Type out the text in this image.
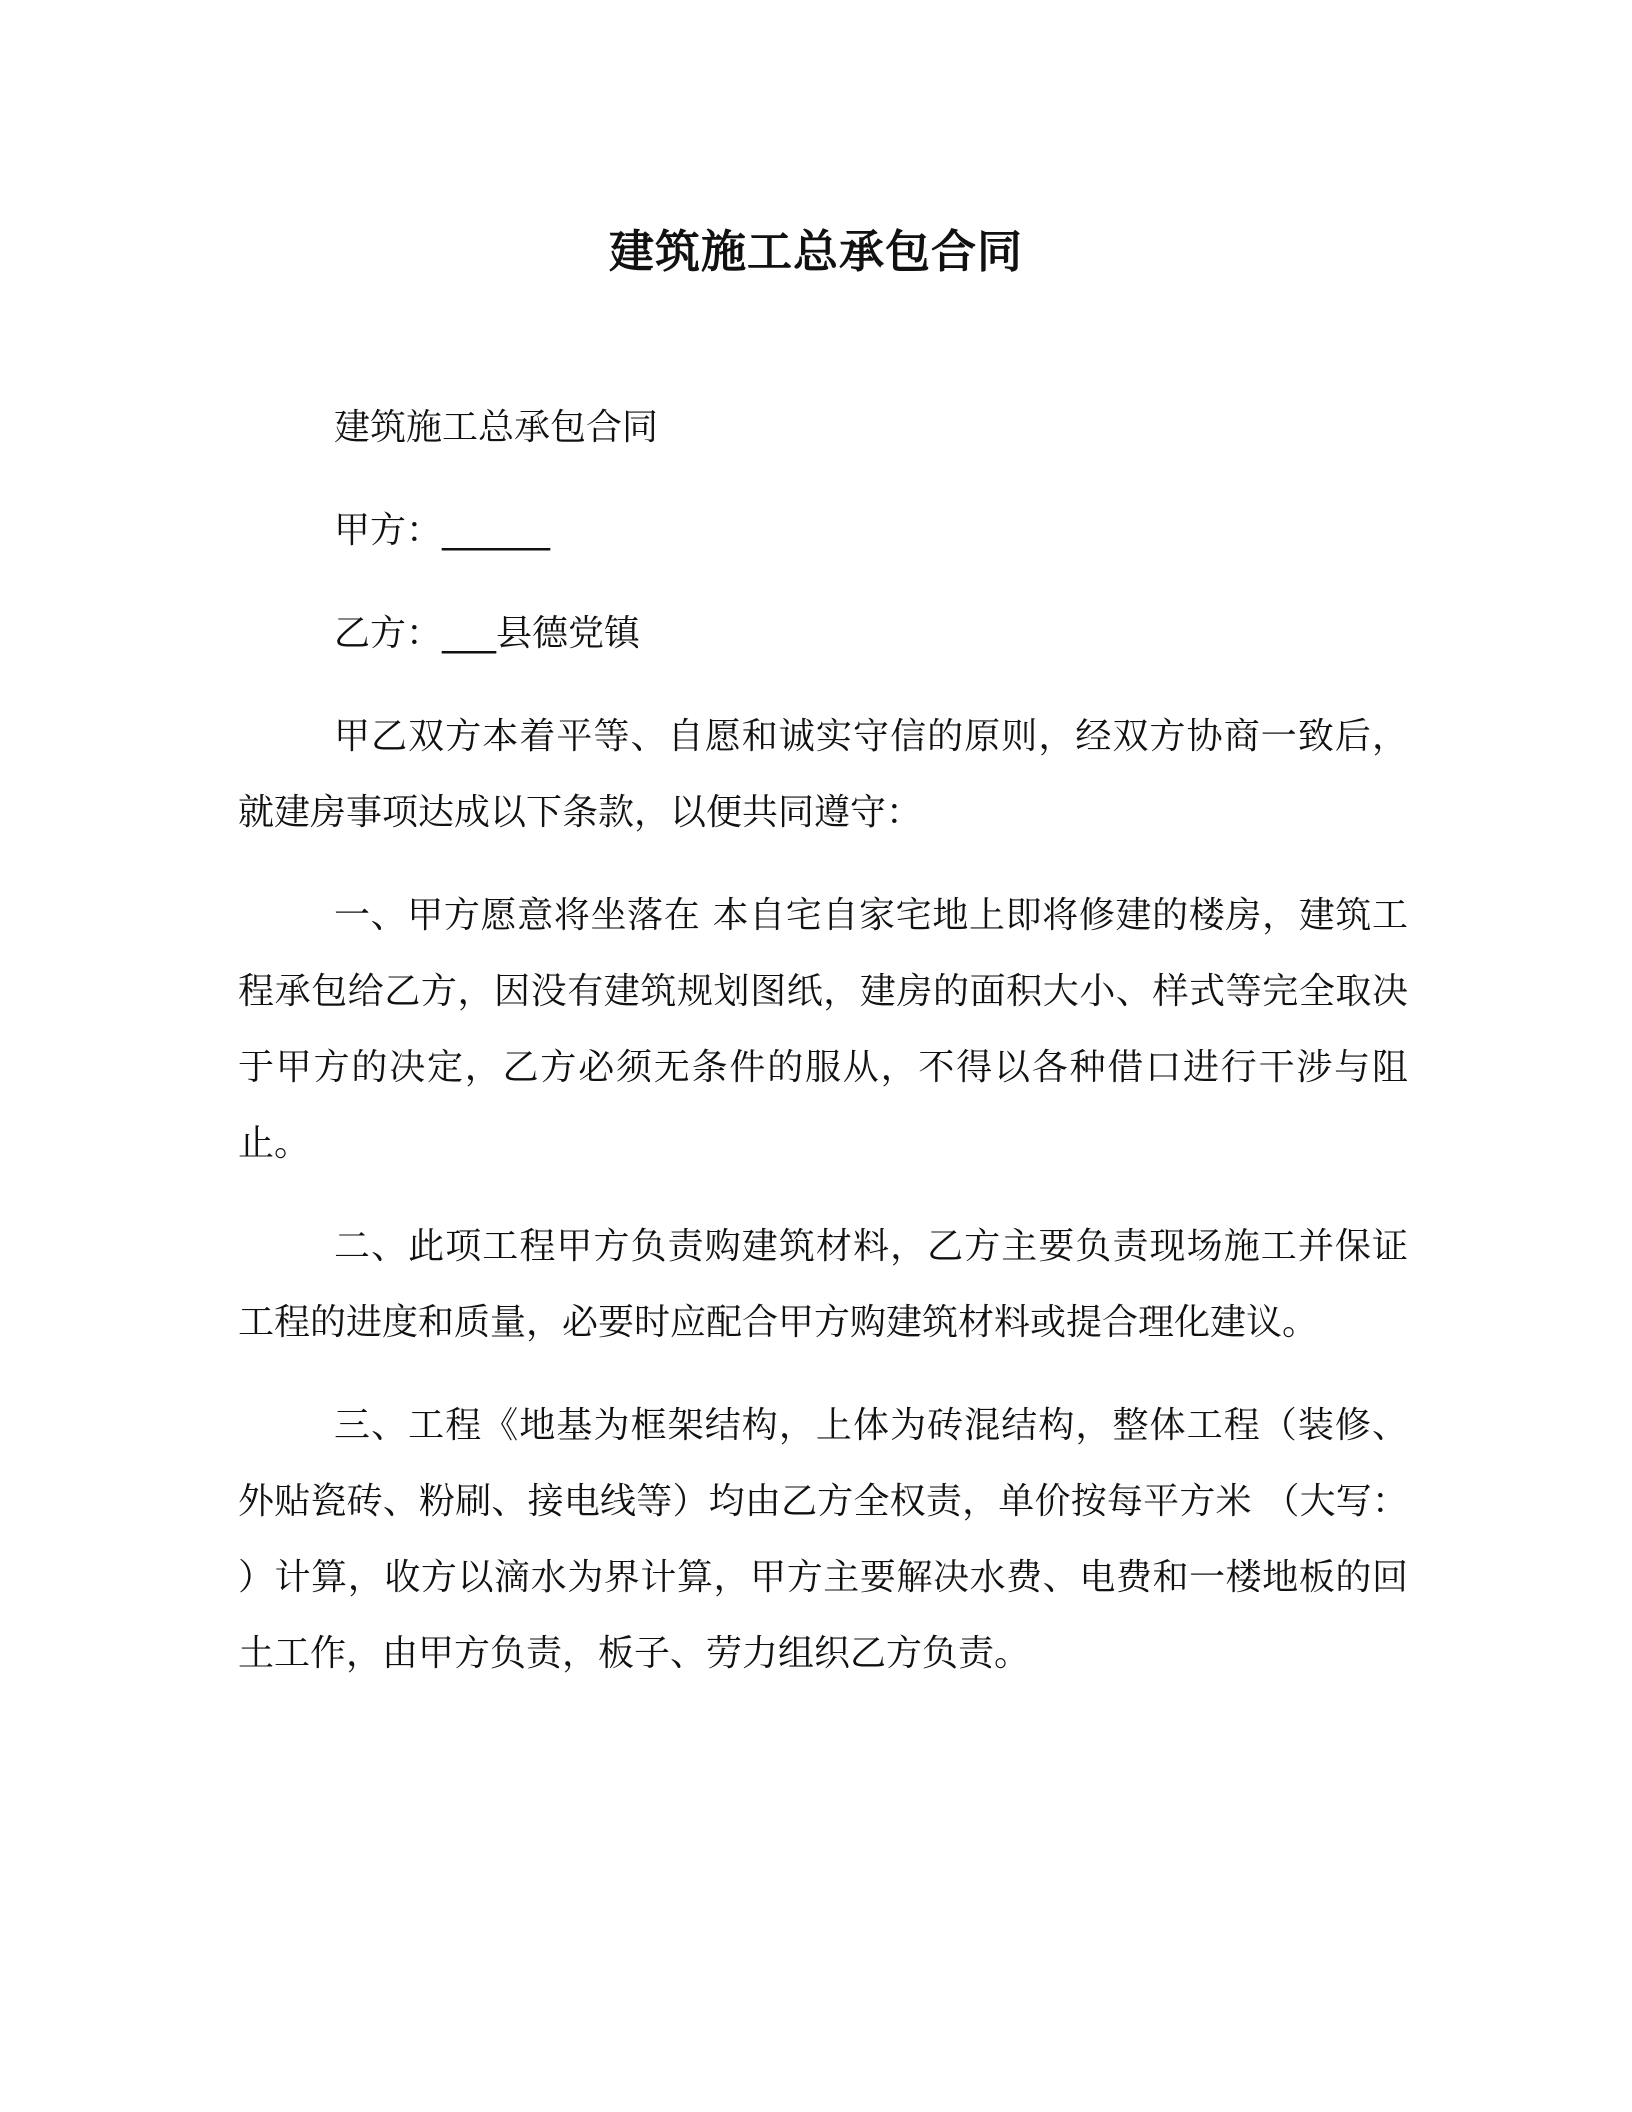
建筑施工总承包合同

建筑施工总承包合同

甲方：______

乙方：___县德党镇

甲乙双方本着平等、自愿和诚实守信的原则，经双方协商一致后，就建房事项达成以下条款，以便共同遵守：

一、甲方愿意将坐落在 本自宅自家宅地上即将修建的楼房，建筑工程承包给乙方，因没有建筑规划图纸，建房的面积大小、样式等完全取决于甲方的决定，乙方必须无条件的服从，不得以各种借口进行干涉与阻止。

二、此项工程甲方负责购建筑材料，乙方主要负责现场施工并保证工程的进度和质量，必要时应配合甲方购建筑材料或提合理化建议。

三、工程《地基为框架结构，上体为砖混结构，整体工程（装修、外贴瓷砖、粉刷、接电线等）均由乙方全权责，单价按每平方米 （大写： ）计算，收方以滴水为界计算，甲方主要解决水费、电费和一楼地板的回土工作，由甲方负责，板子、劳力组织乙方负责。
